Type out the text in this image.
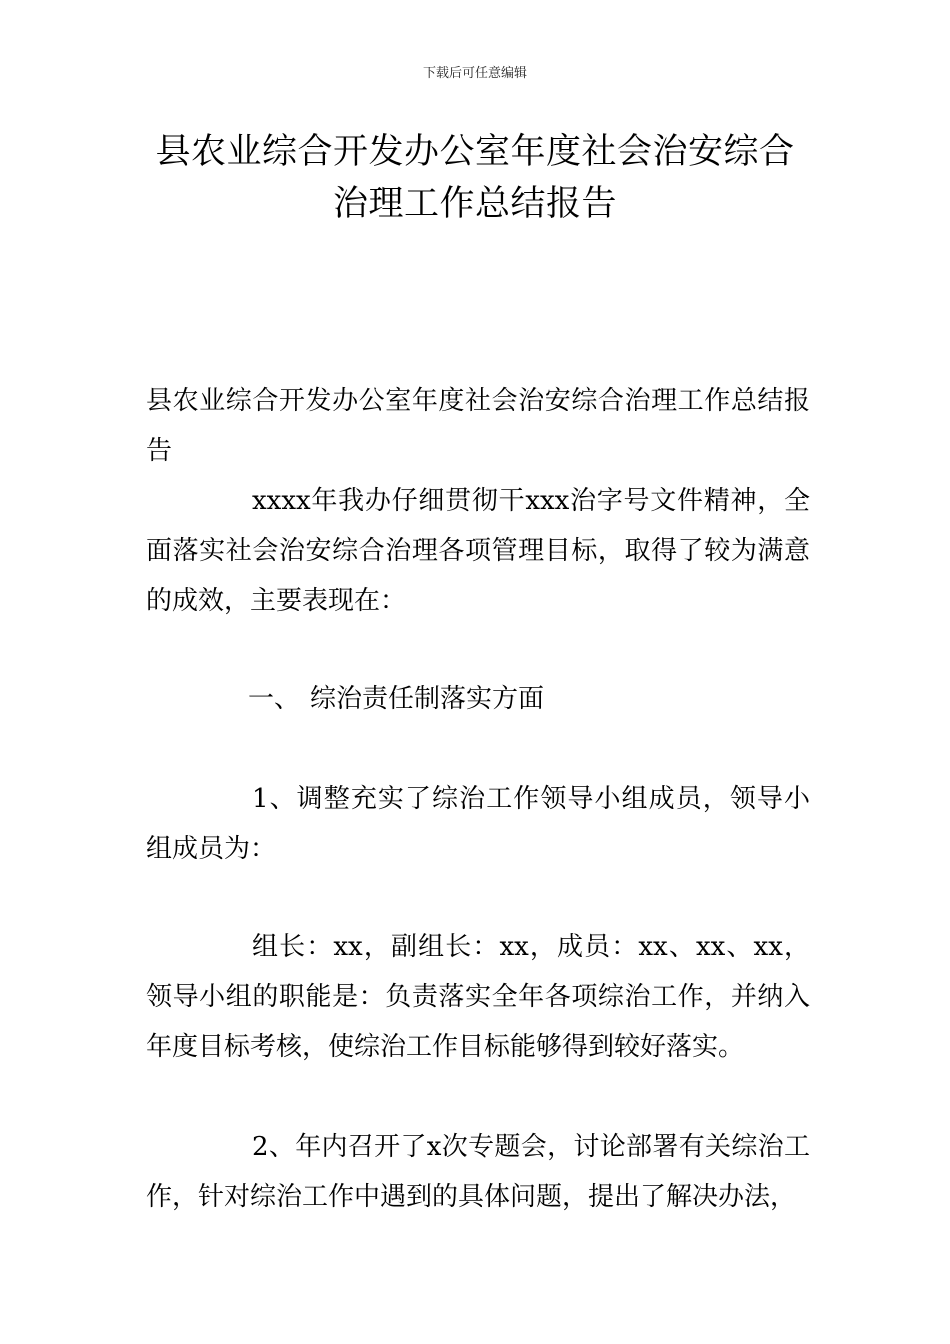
下载后可任意编辑
县农业综合开发办公室年度社会治安综合
治理工作总结报告

县农业综合开发办公室年度社会治安综合治理工作总结报告

xxxx年我办仔细贯彻干xxx治字号文件精神，全面落实社会治安综合治理各项管理目标，取得了较为满意的成效，主要表现在：

一、 综治责任制落实方面

1、调整充实了综治工作领导小组成员，领导小组成员为：

组长：xx，副组长：xx，成员：xx、xx、xx，领导小组的职能是：负责落实全年各项综治工作，并纳入年度目标考核，使综治工作目标能够得到较好落实。

2、年内召开了x次专题会，讨论部署有关综治工作，针对综治工作中遇到的具体问题，提出了解决办法，
